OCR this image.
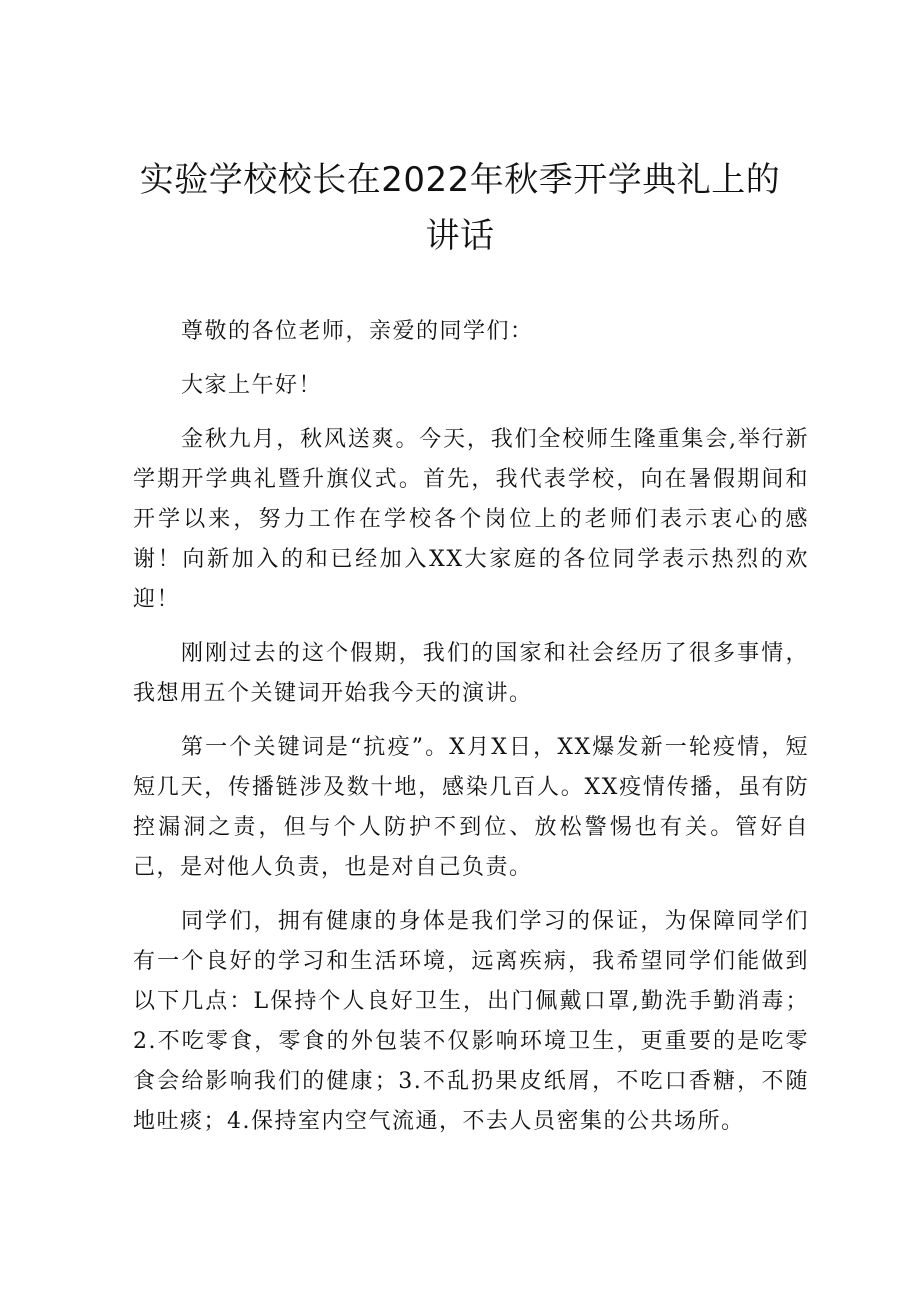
实验学校校长在2022年秋季开学典礼上的
讲话

尊敬的各位老师，亲爱的同学们：

大家上午好！

金秋九月，秋风送爽。今天，我们全校师生隆重集会,举行新学期开学典礼暨升旗仪式。首先，我代表学校，向在暑假期间和开学以来，努力工作在学校各个岗位上的老师们表示衷心的感谢！向新加入的和已经加入XX大家庭的各位同学表示热烈的欢迎！

刚刚过去的这个假期，我们的国家和社会经历了很多事情，我想用五个关键词开始我今天的演讲。

第一个关键词是“抗疫”。X月X日，XX爆发新一轮疫情，短短几天，传播链涉及数十地，感染几百人。XX疫情传播，虽有防控漏洞之责，但与个人防护不到位、放松警惕也有关。管好自己，是对他人负责，也是对自己负责。

同学们，拥有健康的身体是我们学习的保证，为保障同学们有一个良好的学习和生活环境，远离疾病，我希望同学们能做到以下几点：L保持个人良好卫生，出门佩戴口罩,勤洗手勤消毒；2.不吃零食，零食的外包装不仅影响环境卫生，更重要的是吃零食会给影响我们的健康；3.不乱扔果皮纸屑，不吃口香糖，不随地吐痰；4.保持室内空气流通，不去人员密集的公共场所。
